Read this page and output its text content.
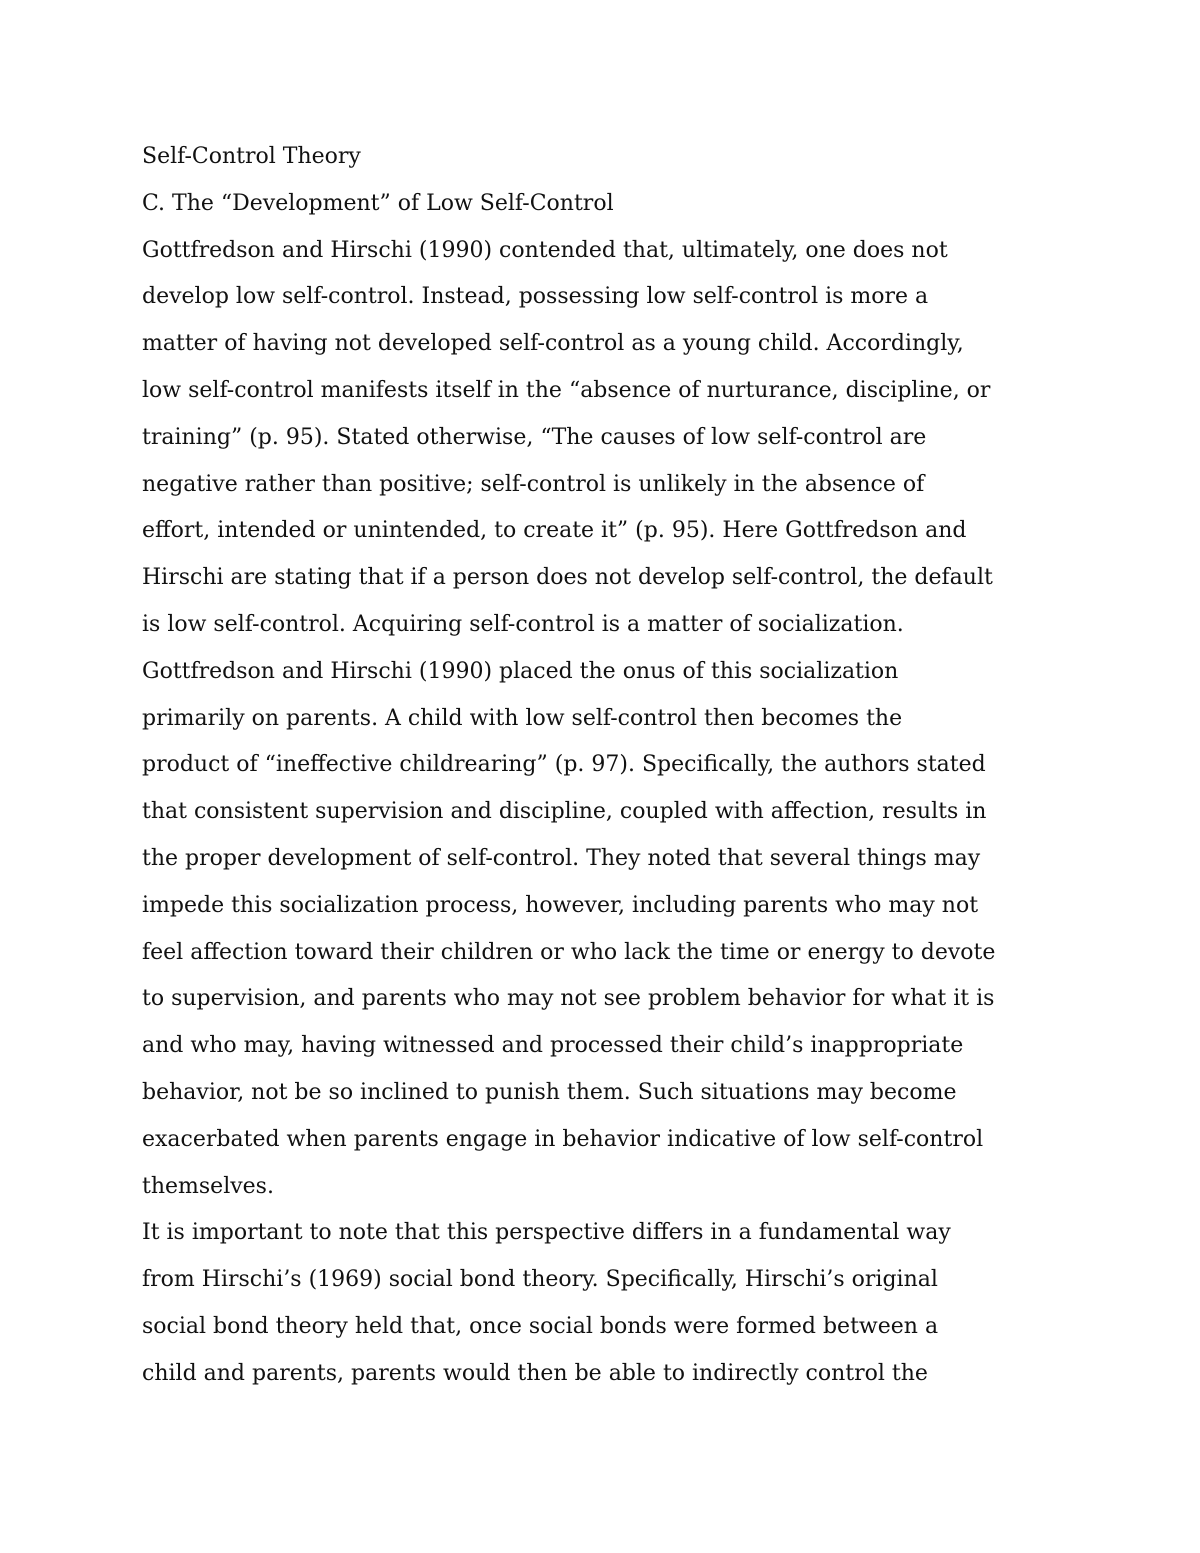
Self-Control Theory
C. The “Development” of Low Self-Control
Gottfredson and Hirschi (1990) contended that, ultimately, one does not
develop low self-control. Instead, possessing low self-control is more a
matter of having not developed self-control as a young child. Accordingly,
low self-control manifests itself in the “absence of nurturance, discipline, or
training” (p. 95). Stated otherwise, “The causes of low self-control are
negative rather than positive; self-control is unlikely in the absence of
effort, intended or unintended, to create it” (p. 95). Here Gottfredson and
Hirschi are stating that if a person does not develop self-control, the default
is low self-control. Acquiring self-control is a matter of socialization.
Gottfredson and Hirschi (1990) placed the onus of this socialization
primarily on parents. A child with low self-control then becomes the
product of “ineffective childrearing” (p. 97). Specifically, the authors stated
that consistent supervision and discipline, coupled with affection, results in
the proper development of self-control. They noted that several things may
impede this socialization process, however, including parents who may not
feel affection toward their children or who lack the time or energy to devote
to supervision, and parents who may not see problem behavior for what it is
and who may, having witnessed and processed their child’s inappropriate
behavior, not be so inclined to punish them. Such situations may become
exacerbated when parents engage in behavior indicative of low self-control
themselves.
It is important to note that this perspective differs in a fundamental way
from Hirschi’s (1969) social bond theory. Specifically, Hirschi’s original
social bond theory held that, once social bonds were formed between a
child and parents, parents would then be able to indirectly control the
